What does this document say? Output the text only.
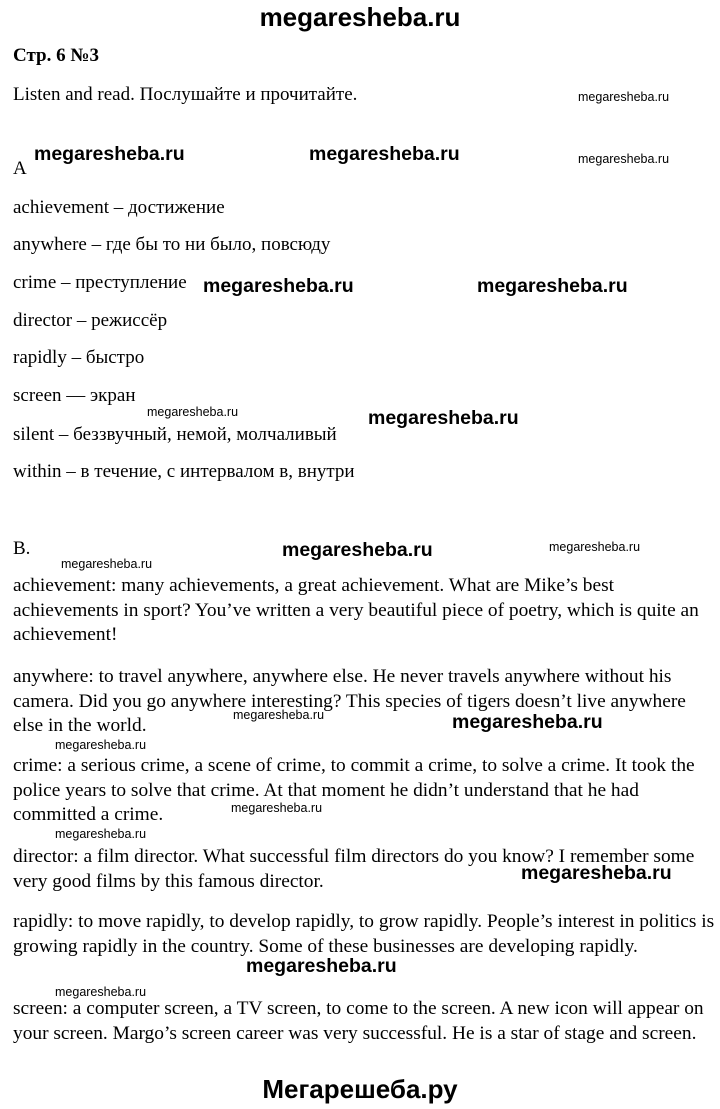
megaresheba.ru
Стр. 6 №3
Listen and read. Послушайте и прочитайте.
A
achievement – достижение
anywhere – где бы то ни было, повсюду
crime – преступление
director – режиссёр
rapidly – быстро
screen –– экран
silent – беззвучный, немой, молчаливый
within – в течение, с интервалом в, внутри
B.
achievement: many achievements, a great achievement. What are Mike’s best achievements in sport? You’ve written a very beautiful piece of poetry, which is quite an achievement!
anywhere: to travel anywhere, anywhere else. He never travels anywhere without his camera. Did you go anywhere interesting? This species of tigers doesn’t live anywhere else in the world.
crime: a serious crime, a scene of crime, to commit a crime, to solve a crime. It took the police years to solve that crime. At that moment he didn’t understand that he had committed a crime.
director: a film director. What successful film directors do you know? I remember some very good films by this famous director.
rapidly: to move rapidly, to develop rapidly, to grow rapidly. People’s interest in politics is growing rapidly in the country. Some of these businesses are developing rapidly.
screen: a computer screen, a TV screen, to come to the screen. A new icon will appear on your screen. Margo’s screen career was very successful. He is a star of stage and screen.
megaresheba.ru	megaresheba.ru
megaresheba.ru	megaresheba.ru
megaresheba.ru
megaresheba.ru
megaresheba.ru
megaresheba.ru
megaresheba.ru
megaresheba.ru
megaresheba.ru
megaresheba.ru
megaresheba.ru
megaresheba.ru
megaresheba.ru
megaresheba.ru
megaresheba.ru
megaresheba.ru
megaresheba.ru
Мегарешеба.ру
